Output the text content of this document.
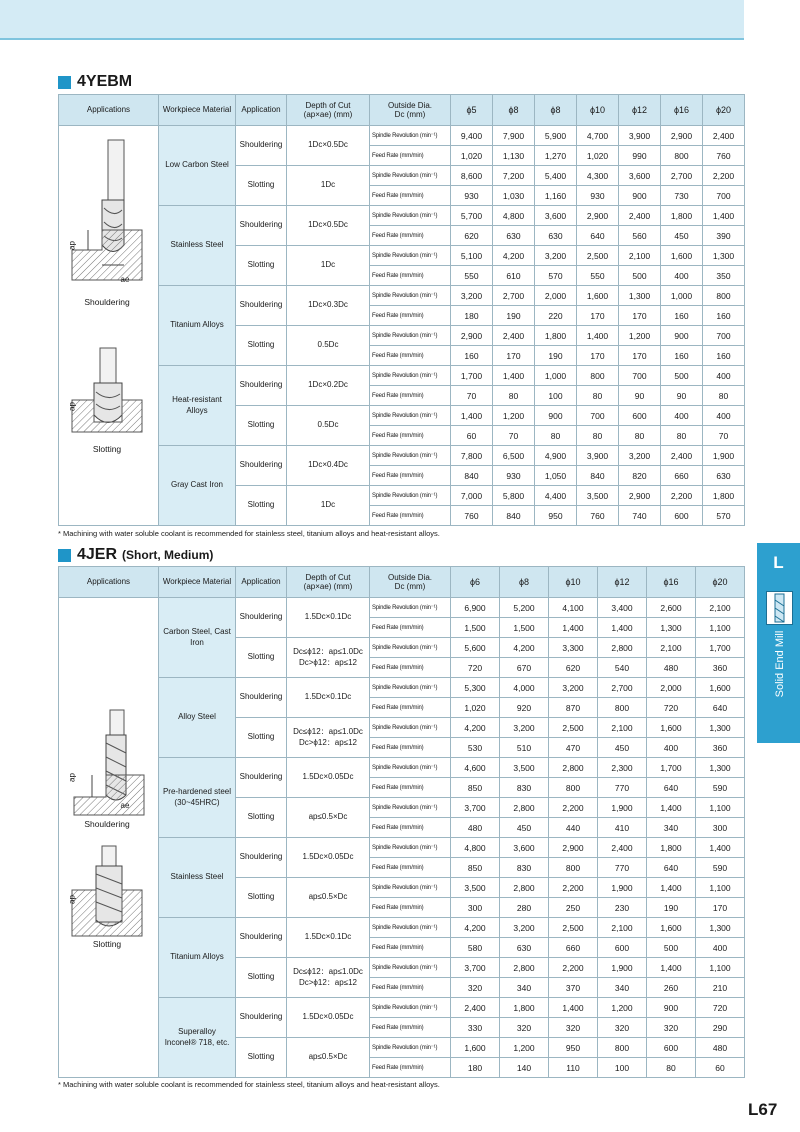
4YEBM
Applications	Workpiece Material	Application	Depth of Cut
(ap×ae) (mm)	Outside Dia.
Dc (mm)	ϕ5	ϕ8	ϕ8	ϕ10	ϕ12	ϕ16	ϕ20
	Low Carbon Steel	Shouldering	1Dc×0.5Dc	Spindle Revolution (min⁻¹)	9,400	7,900	5,900	4,700	3,900	2,900	2,400
				Feed Rate (mm/min)	1,020	1,130	1,270	1,020	990	800	760
		Slotting	1Dc	Spindle Revolution (min⁻¹)	8,600	7,200	5,400	4,300	3,600	2,700	2,200
				Feed Rate (mm/min)	930	1,030	1,160	930	900	730	700
	Stainless Steel	Shouldering	1Dc×0.5Dc	Spindle Revolution (min⁻¹)	5,700	4,800	3,600	2,900	2,400	1,800	1,400
				Feed Rate (mm/min)	620	630	630	640	560	450	390
		Slotting	1Dc	Spindle Revolution (min⁻¹)	5,100	4,200	3,200	2,500	2,100	1,600	1,300
				Feed Rate (mm/min)	550	610	570	550	500	400	350
	Titanium Alloys	Shouldering	1Dc×0.3Dc	Spindle Revolution (min⁻¹)	3,200	2,700	2,000	1,600	1,300	1,000	800
				Feed Rate (mm/min)	180	190	220	170	170	160	160
		Slotting	0.5Dc	Spindle Revolution (min⁻¹)	2,900	2,400	1,800	1,400	1,200	900	700
				Feed Rate (mm/min)	160	170	190	170	170	160	160
	Heat-resistant
Alloys	Shouldering	1Dc×0.2Dc	Spindle Revolution (min⁻¹)	1,700	1,400	1,000	800	700	500	400
				Feed Rate (mm/min)	70	80	100	80	90	90	80
		Slotting	0.5Dc	Spindle Revolution (min⁻¹)	1,400	1,200	900	700	600	400	400
				Feed Rate (mm/min)	60	70	80	80	80	80	70
	Gray Cast Iron	Shouldering	1Dc×0.4Dc	Spindle Revolution (min⁻¹)	7,800	6,500	4,900	3,900	3,200	2,400	1,900
				Feed Rate (mm/min)	840	930	1,050	840	820	660	630
		Slotting	1Dc	Spindle Revolution (min⁻¹)	7,000	5,800	4,400	3,500	2,900	2,200	1,800
				Feed Rate (mm/min)	760	840	950	760	740	600	570
* Machining with water soluble coolant is recommended for stainless steel, titanium alloys and heat-resistant alloys.
4JER (Short, Medium)
Applications	Workpiece Material	Application	Depth of Cut
(ap×ae) (mm)	Outside Dia.
Dc (mm)	ϕ6	ϕ8	ϕ10	ϕ12	ϕ16	ϕ20
	Carbon Steel, Cast Iron	Shouldering	1.5Dc×0.1Dc	Spindle Revolution (min⁻¹)	6,900	5,200	4,100	3,400	2,600	2,100
				Feed Rate (mm/min)	1,500	1,500	1,400	1,400	1,300	1,100
		Slotting	Dc≤ϕ12：ap≤1.0Dc
Dc>ϕ12：ap≤12	Spindle Revolution (min⁻¹)	5,600	4,200	3,300	2,800	2,100	1,700
				Feed Rate (mm/min)	720	670	620	540	480	360
	Alloy Steel	Shouldering	1.5Dc×0.1Dc	Spindle Revolution (min⁻¹)	5,300	4,000	3,200	2,700	2,000	1,600
				Feed Rate (mm/min)	1,020	920	870	800	720	640
		Slotting	Dc≤ϕ12：ap≤1.0Dc
Dc>ϕ12：ap≤12	Spindle Revolution (min⁻¹)	4,200	3,200	2,500	2,100	1,600	1,300
				Feed Rate (mm/min)	530	510	470	450	400	360
	Pre-hardened steel
(30~45HRC)	Shouldering	1.5Dc×0.05Dc	Spindle Revolution (min⁻¹)	4,600	3,500	2,800	2,300	1,700	1,300
				Feed Rate (mm/min)	850	830	800	770	640	590
		Slotting	ap≤0.5×Dc	Spindle Revolution (min⁻¹)	3,700	2,800	2,200	1,900	1,400	1,100
				Feed Rate (mm/min)	480	450	440	410	340	300
	Stainless Steel	Shouldering	1.5Dc×0.05Dc	Spindle Revolution (min⁻¹)	4,800	3,600	2,900	2,400	1,800	1,400
				Feed Rate (mm/min)	850	830	800	770	640	590
		Slotting	ap≤0.5×Dc	Spindle Revolution (min⁻¹)	3,500	2,800	2,200	1,900	1,400	1,100
				Feed Rate (mm/min)	300	280	250	230	190	170
	Titanium Alloys	Shouldering	1.5Dc×0.1Dc	Spindle Revolution (min⁻¹)	4,200	3,200	2,500	2,100	1,600	1,300
				Feed Rate (mm/min)	580	630	660	600	500	400
		Slotting	Dc≤ϕ12：ap≤1.0Dc
Dc>ϕ12：ap≤12	Spindle Revolution (min⁻¹)	3,700	2,800	2,200	1,900	1,400	1,100
				Feed Rate (mm/min)	320	340	370	340	260	210
	Superalloy
Inconel® 718, etc.	Shouldering	1.5Dc×0.05Dc	Spindle Revolution (min⁻¹)	2,400	1,800	1,400	1,200	900	720
				Feed Rate (mm/min)	330	320	320	320	320	290
		Slotting	ap≤0.5×Dc	Spindle Revolution (min⁻¹)	1,600	1,200	950	800	600	480
				Feed Rate (mm/min)	180	140	110	100	80	60
* Machining with water soluble coolant is recommended for stainless steel, titanium alloys and heat-resistant alloys.
ap
ae
Shouldering
ap
Slotting
ap
ae
Shouldering
ap
Slotting
L
Solid End Mill
L67
